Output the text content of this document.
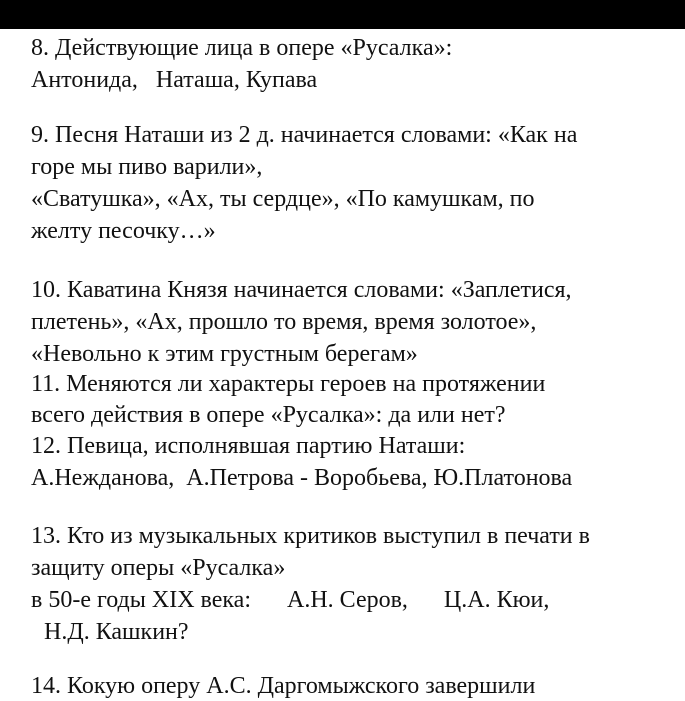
8. Действующие лица в опере «Русалка»:

Антонида,   Наташа, Купава

9. Песня Наташи из 2 д. начинается словами: «Как на

горе мы пиво варили»,

«Сватушка», «Ах, ты сердце», «По камушкам, по

желту песочку…»

10. Каватина Князя начинается словами: «Заплетися,

плетень», «Ах, прошло то время, время золотое»,

«Невольно к этим грустным берегам»

11. Меняются ли характеры героев на протяжении

всего действия в опере «Русалка»: да или нет?

12. Певица, исполнявшая партию Наташи:

А.Нежданова,  А.Петрова - Воробьева, Ю.Платонова

13. Кто из музыкальных критиков выступил в печати в

защиту оперы «Русалка»

в 50-е годы XIX века:      А.Н. Серов,      Ц.А. Кюи,

Н.Д. Кашкин?

14. Кокую оперу А.С. Даргомыжского завершили
